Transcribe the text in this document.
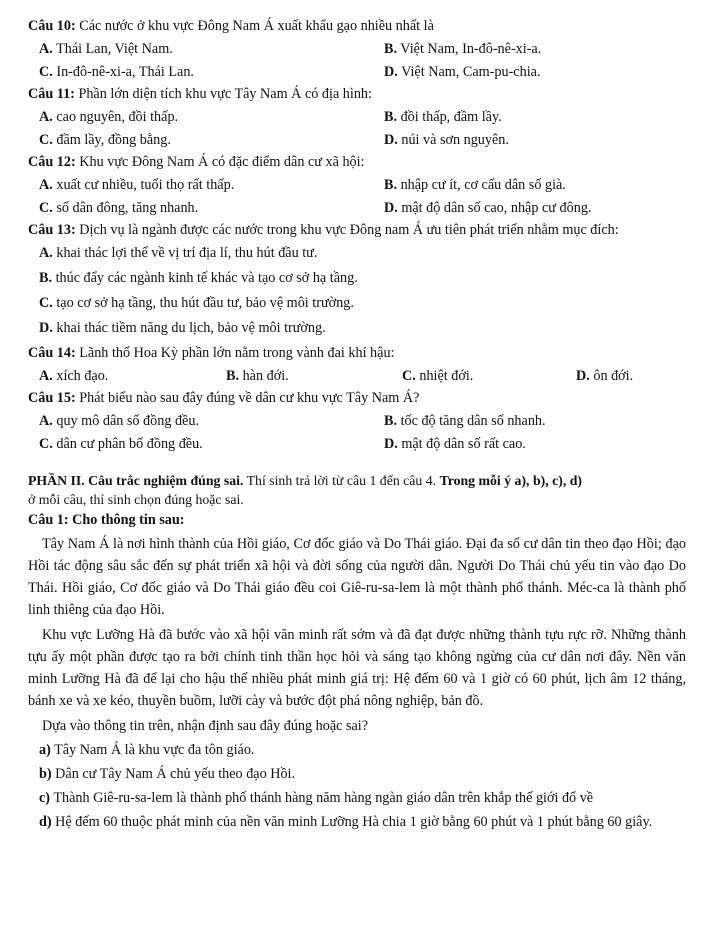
Câu 10: Các nước ở khu vực Đông Nam Á xuất khẩu gạo nhiều nhất là

A. Thái Lan, Việt Nam.	B. Việt Nam, In-đô-nê-xi-a.
C. In-đô-nê-xi-a, Thái Lan.	D. Việt Nam, Cam-pu-chia.

Câu 11: Phần lớn diện tích khu vực Tây Nam Á có địa hình:

A. cao nguyên, đồi thấp.	B. đồi thấp, đầm lầy.
C. đầm lầy, đồng bằng.	D. núi và sơn nguyên.

Câu 12: Khu vực Đông Nam Á có đặc điểm dân cư xã hội:

A. xuất cư nhiều, tuổi thọ rất thấp.	B. nhập cư ít, cơ cấu dân số già.
C. số dân đông, tăng nhanh.	D. mật độ dân số cao, nhập cư đông.

Câu 13: Dịch vụ là ngành được các nước trong khu vực Đông nam Á ưu tiên phát triển nhằm mục đích:

A. khai thác lợi thế về vị trí địa lí, thu hút đầu tư.
B. thúc đẩy các ngành kinh tế khác và tạo cơ sở hạ tầng.
C. tạo cơ sở hạ tầng, thu hút đầu tư, bảo vệ môi trường.
D. khai thác tiềm năng du lịch, bảo vệ môi trường.

Câu 14: Lãnh thổ Hoa Kỳ phần lớn nằm trong vành đai khí hậu:

A. xích đạo.	B. hàn đới.	C. nhiệt đới.	D. ôn đới.

Câu 15: Phát biểu nào sau đây đúng về dân cư khu vực Tây Nam Á?

A. quy mô dân số đồng đều.	B. tốc độ tăng dân số nhanh.
C. dân cư phân bố đồng đều.	D. mật độ dân số rất cao.
PHẦN II. Câu trắc nghiệm đúng sai. Thí sinh trả lời từ câu 1 đến câu 4. Trong mỗi ý a), b), c), d)
ở mỗi câu, thí sinh chọn đúng hoặc sai.

Câu 1: Cho thông tin sau:

Tây Nam Á là nơi hình thành của Hồi giáo, Cơ đốc giáo và Do Thái giáo. Đại đa số cư dân tin theo đạo Hồi; đạo Hồi tác động sâu sắc đến sự phát triển xã hội và đời sống của người dân. Người Do Thái chủ yếu tin vào đạo Do Thái. Hồi giáo, Cơ đốc giáo và Do Thái giáo đều coi Giê-ru-sa-lem là một thành phố thánh. Méc-ca là thành phố linh thiêng của đạo Hồi.

Khu vực Lưỡng Hà đã bước vào xã hội văn minh rất sớm và đã đạt được những thành tựu rực rỡ. Những thành tựu ấy một phần được tạo ra bởi chính tinh thần học hỏi và sáng tạo không ngừng của cư dân nơi đây. Nền văn minh Lưỡng Hà đã để lại cho hậu thế nhiều phát minh giá trị: Hệ đếm 60 và 1 giờ có 60 phút, lịch âm 12 tháng, bánh xe và xe kéo, thuyền buồm, lưỡi cày và bước đột phá nông nghiệp, bản đồ.

Dựa vào thông tin trên, nhận định sau đây đúng hoặc sai?

a) Tây Nam Á là khu vực đa tôn giáo.
b) Dân cư Tây Nam Á chủ yếu theo đạo Hồi.
c) Thành Giê-ru-sa-lem là thành phố thánh hàng năm hàng ngàn giáo dân trên khắp thế giới đổ về
d) Hệ đếm 60 thuộc phát minh của nền văn minh Lưỡng Hà chia 1 giờ bằng 60 phút và 1 phút bằng 60 giây.
